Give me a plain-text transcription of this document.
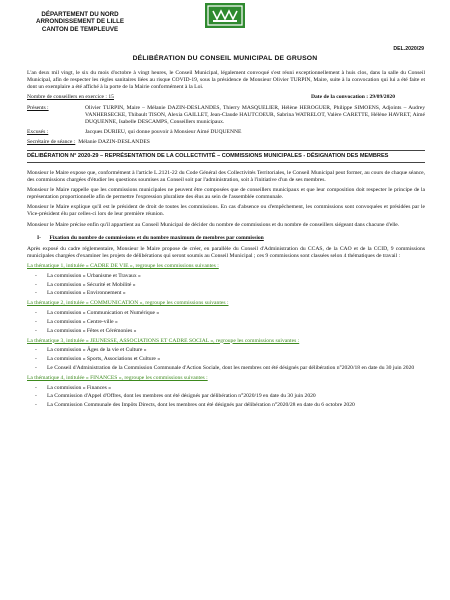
DÉPARTEMENT DU NORD
ARRONDISSEMENT DE LILLE
CANTON DE TEMPLEUVE
DEL.2020/29
DÉLIBÉRATION DU CONSEIL MUNICIPAL DE GRUSON

L'an deux mil vingt, le six du mois d'octobre à vingt heures, le Conseil Municipal, légalement convoqué s'est réuni exceptionnellement à huis clos, dans la salle du Conseil Municipal, afin de respecter les règles sanitaires liées au risque COVID-19, sous la présidence de Monsieur Olivier TURPIN, Maire, suite à la convocation qui lui a été faite et dont un exemplaire a été affiché à la porte de la Mairie conformément à la Loi.

Nombre de conseillers en exercice : 15	Date de la convocation : 29/09/2020
Présents :	Olivier TURPIN, Maire – Mélanie DAZIN-DESLANDES, Thierry MASQUELIER, Hélène HEROGUER, Philippe SIMOENS, Adjoints – Audrey VANHERSECKE, Thibault TISON, Alexia GAILLET, Jean-Claude HAUTCOEUR, Sabrina WATRELOT, Valère CARETTE, Hélène HAVRET, Aimé DUQUENNE, Isabelle DESCAMPS, Conseillers municipaux.
Excusés :	Jacques DURIEU, qui donne pouvoir à Monsieur Aimé DUQUENNE
Secrétaire de séance : Mélanie DAZIN-DESLANDES
DÉLIBÉRATION N° 2020-29 – REPRÉSENTATION DE LA COLLECTIVITÉ – COMMISSIONS MUNICIPALES - DÉSIGNATION DES MEMBRES

Monsieur le Maire expose que, conformément à l'article L.2121-22 du Code Général des Collectivités Territoriales, le Conseil Municipal peut former, au cours de chaque séance, des commissions chargées d'étudier les questions soumises au Conseil soit par l'administration, soit à l'initiative d'un de ses membres.

Monsieur le Maire rappelle que les commissions municipales ne peuvent être composées que de conseillers municipaux et que leur composition doit respecter le principe de la représentation proportionnelle afin de permettre l'expression pluraliste des élus au sein de l'assemblée communale.

Monsieur le Maire explique qu'il est le président de droit de toutes les commissions. En cas d'absence ou d'empêchement, les commissions sont convoquées et présidées par le Vice-président élu par celles-ci lors de leur première réunion.

Monsieur le Maire précise enfin qu'il appartient au Conseil Municipal de décider du nombre de commissions et du nombre de conseillers siégeant dans chacune d'elle.

I- Fixation du nombre de commissions et du nombre maximum de membres par commission

Après exposé du cadre réglementaire, Monsieur le Maire propose de créer, en parallèle du Conseil d'Administration du CCAS, de la CAO et de la CCID, 9 commissions municipales chargées d'examiner les projets de délibérations qui seront soumis au Conseil Municipal ; ces 9 commissions sont classées selon 4 thématiques de travail :

La thématique 1, intitulée « CADRE DE VIE », regroupe les commissions suivantes :
- La commission « Urbanisme et Travaux »
- La commission « Sécurité et Mobilité »
- La commission « Environnement »
La thématique 2, intitulée « COMMUNICATION », regroupe les commissions suivantes :
- La commission « Communication et Numérique »
- La commission « Centre-ville »
- La commission « Fêtes et Cérémonies »
La thématique 3, intitulée « JEUNESSE, ASSOCIATIONS ET CADRE SOCIAL », regroupe les commissions suivantes :
- La commission « Âges de la vie et Culture »
- La commission « Sports, Associations et Culture »
- Le Conseil d'Administration de la Commission Communale d'Action Sociale, dont les membres ont été désignés par délibération n°2020/18 en date du 30 juin 2020
La thématique 4, intitulée « FINANCES », regroupe les commissions suivantes :
- La commission « Finances »
- La Commission d'Appel d'Offres, dont les membres ont été désignés par délibération n°2020/19 en date du 30 juin 2020
- La Commission Communale des Impôts Directs, dont les membres ont été désignés par délibération n°2020/28 en date du 6 octobre 2020
